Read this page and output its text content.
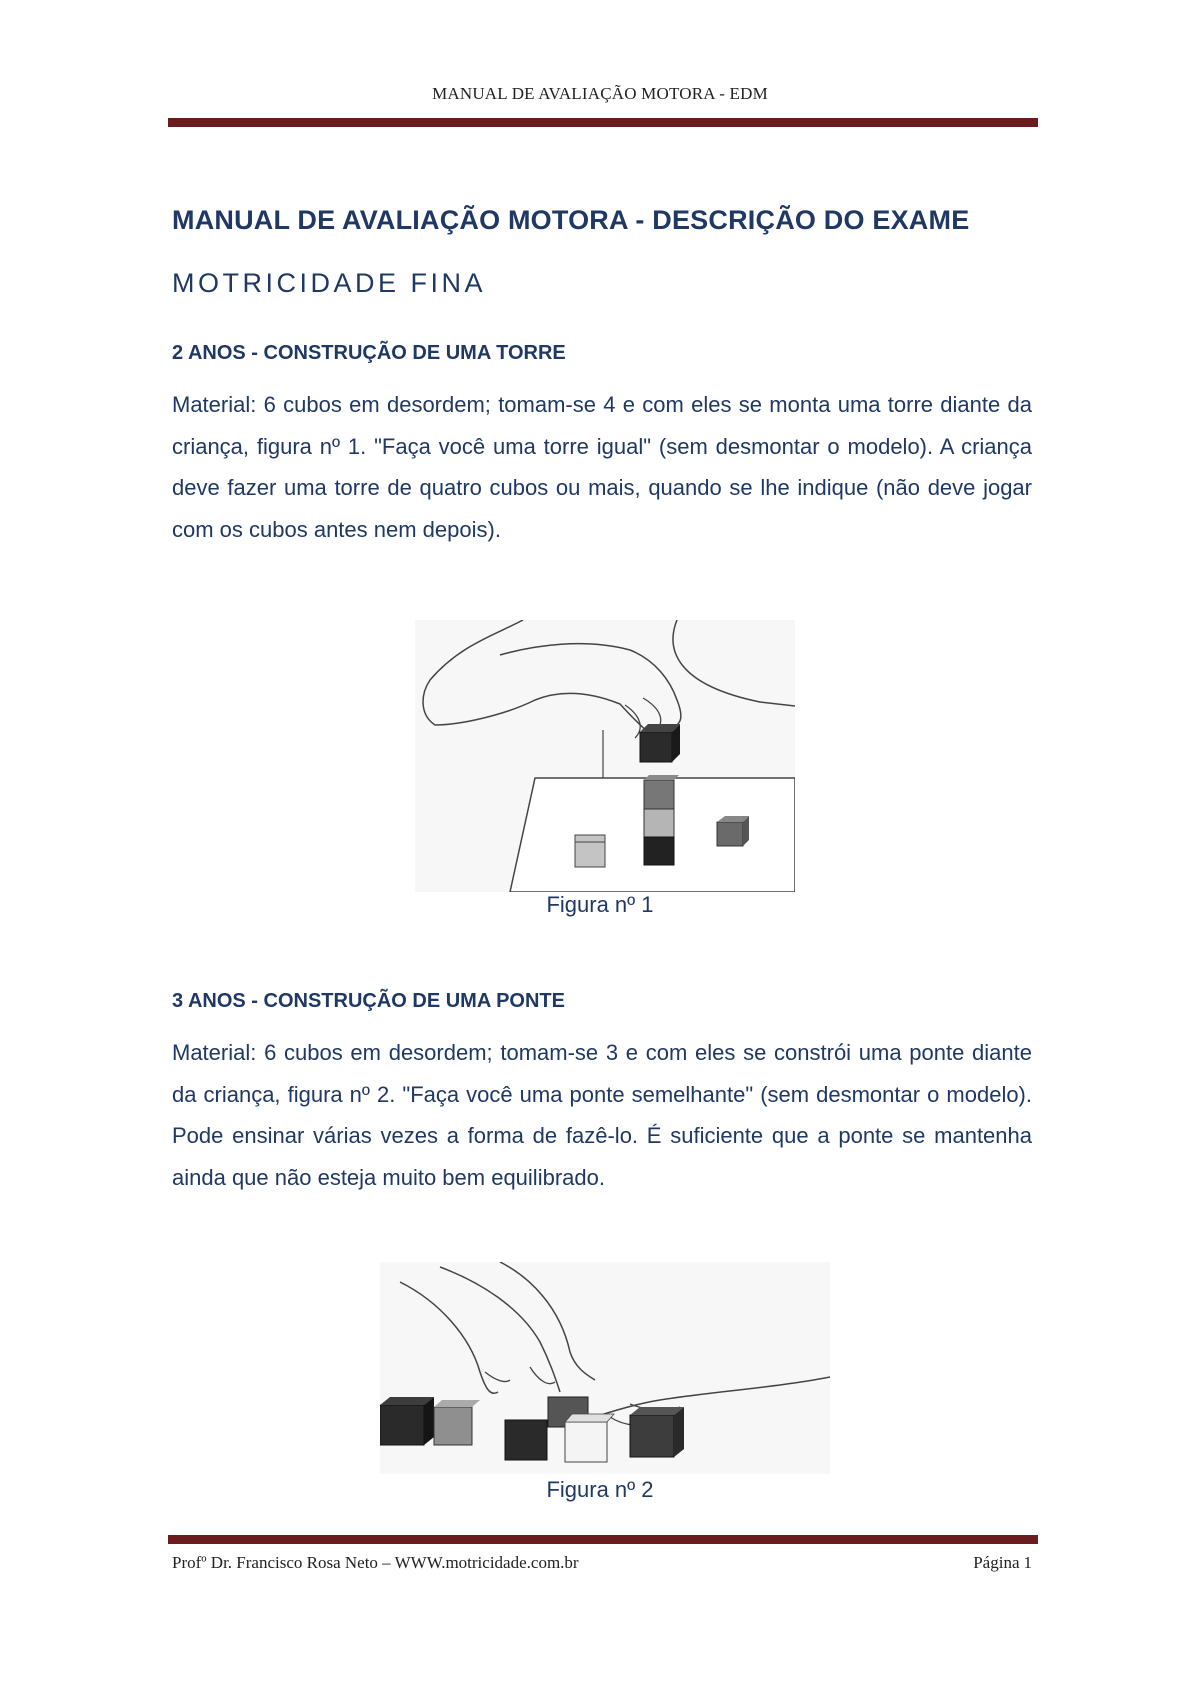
MANUAL DE AVALIAÇÃO MOTORA - EDM
MANUAL DE AVALIAÇÃO MOTORA - DESCRIÇÃO DO EXAME
MOTRICIDADE FINA
2 ANOS - CONSTRUÇÃO DE UMA TORRE
Material: 6 cubos em desordem; tomam-se 4 e com eles se monta uma torre diante da criança, figura nº 1. "Faça você uma torre igual" (sem desmontar o modelo). A criança deve fazer uma torre de quatro cubos ou mais, quando se lhe indique (não deve jogar com os cubos antes nem depois).
Figura nº 1
3 ANOS - CONSTRUÇÃO DE UMA PONTE
Material: 6 cubos em desordem; tomam-se 3 e com eles se constrói uma ponte diante da criança, figura nº 2. "Faça você uma ponte semelhante" (sem desmontar o modelo). Pode ensinar várias vezes a forma de fazê-lo. É suficiente que a ponte se mantenha ainda que não esteja muito bem equilibrado.
Figura nº 2
Profº Dr. Francisco Rosa Neto – WWW.motricidade.com.br	Página 1
